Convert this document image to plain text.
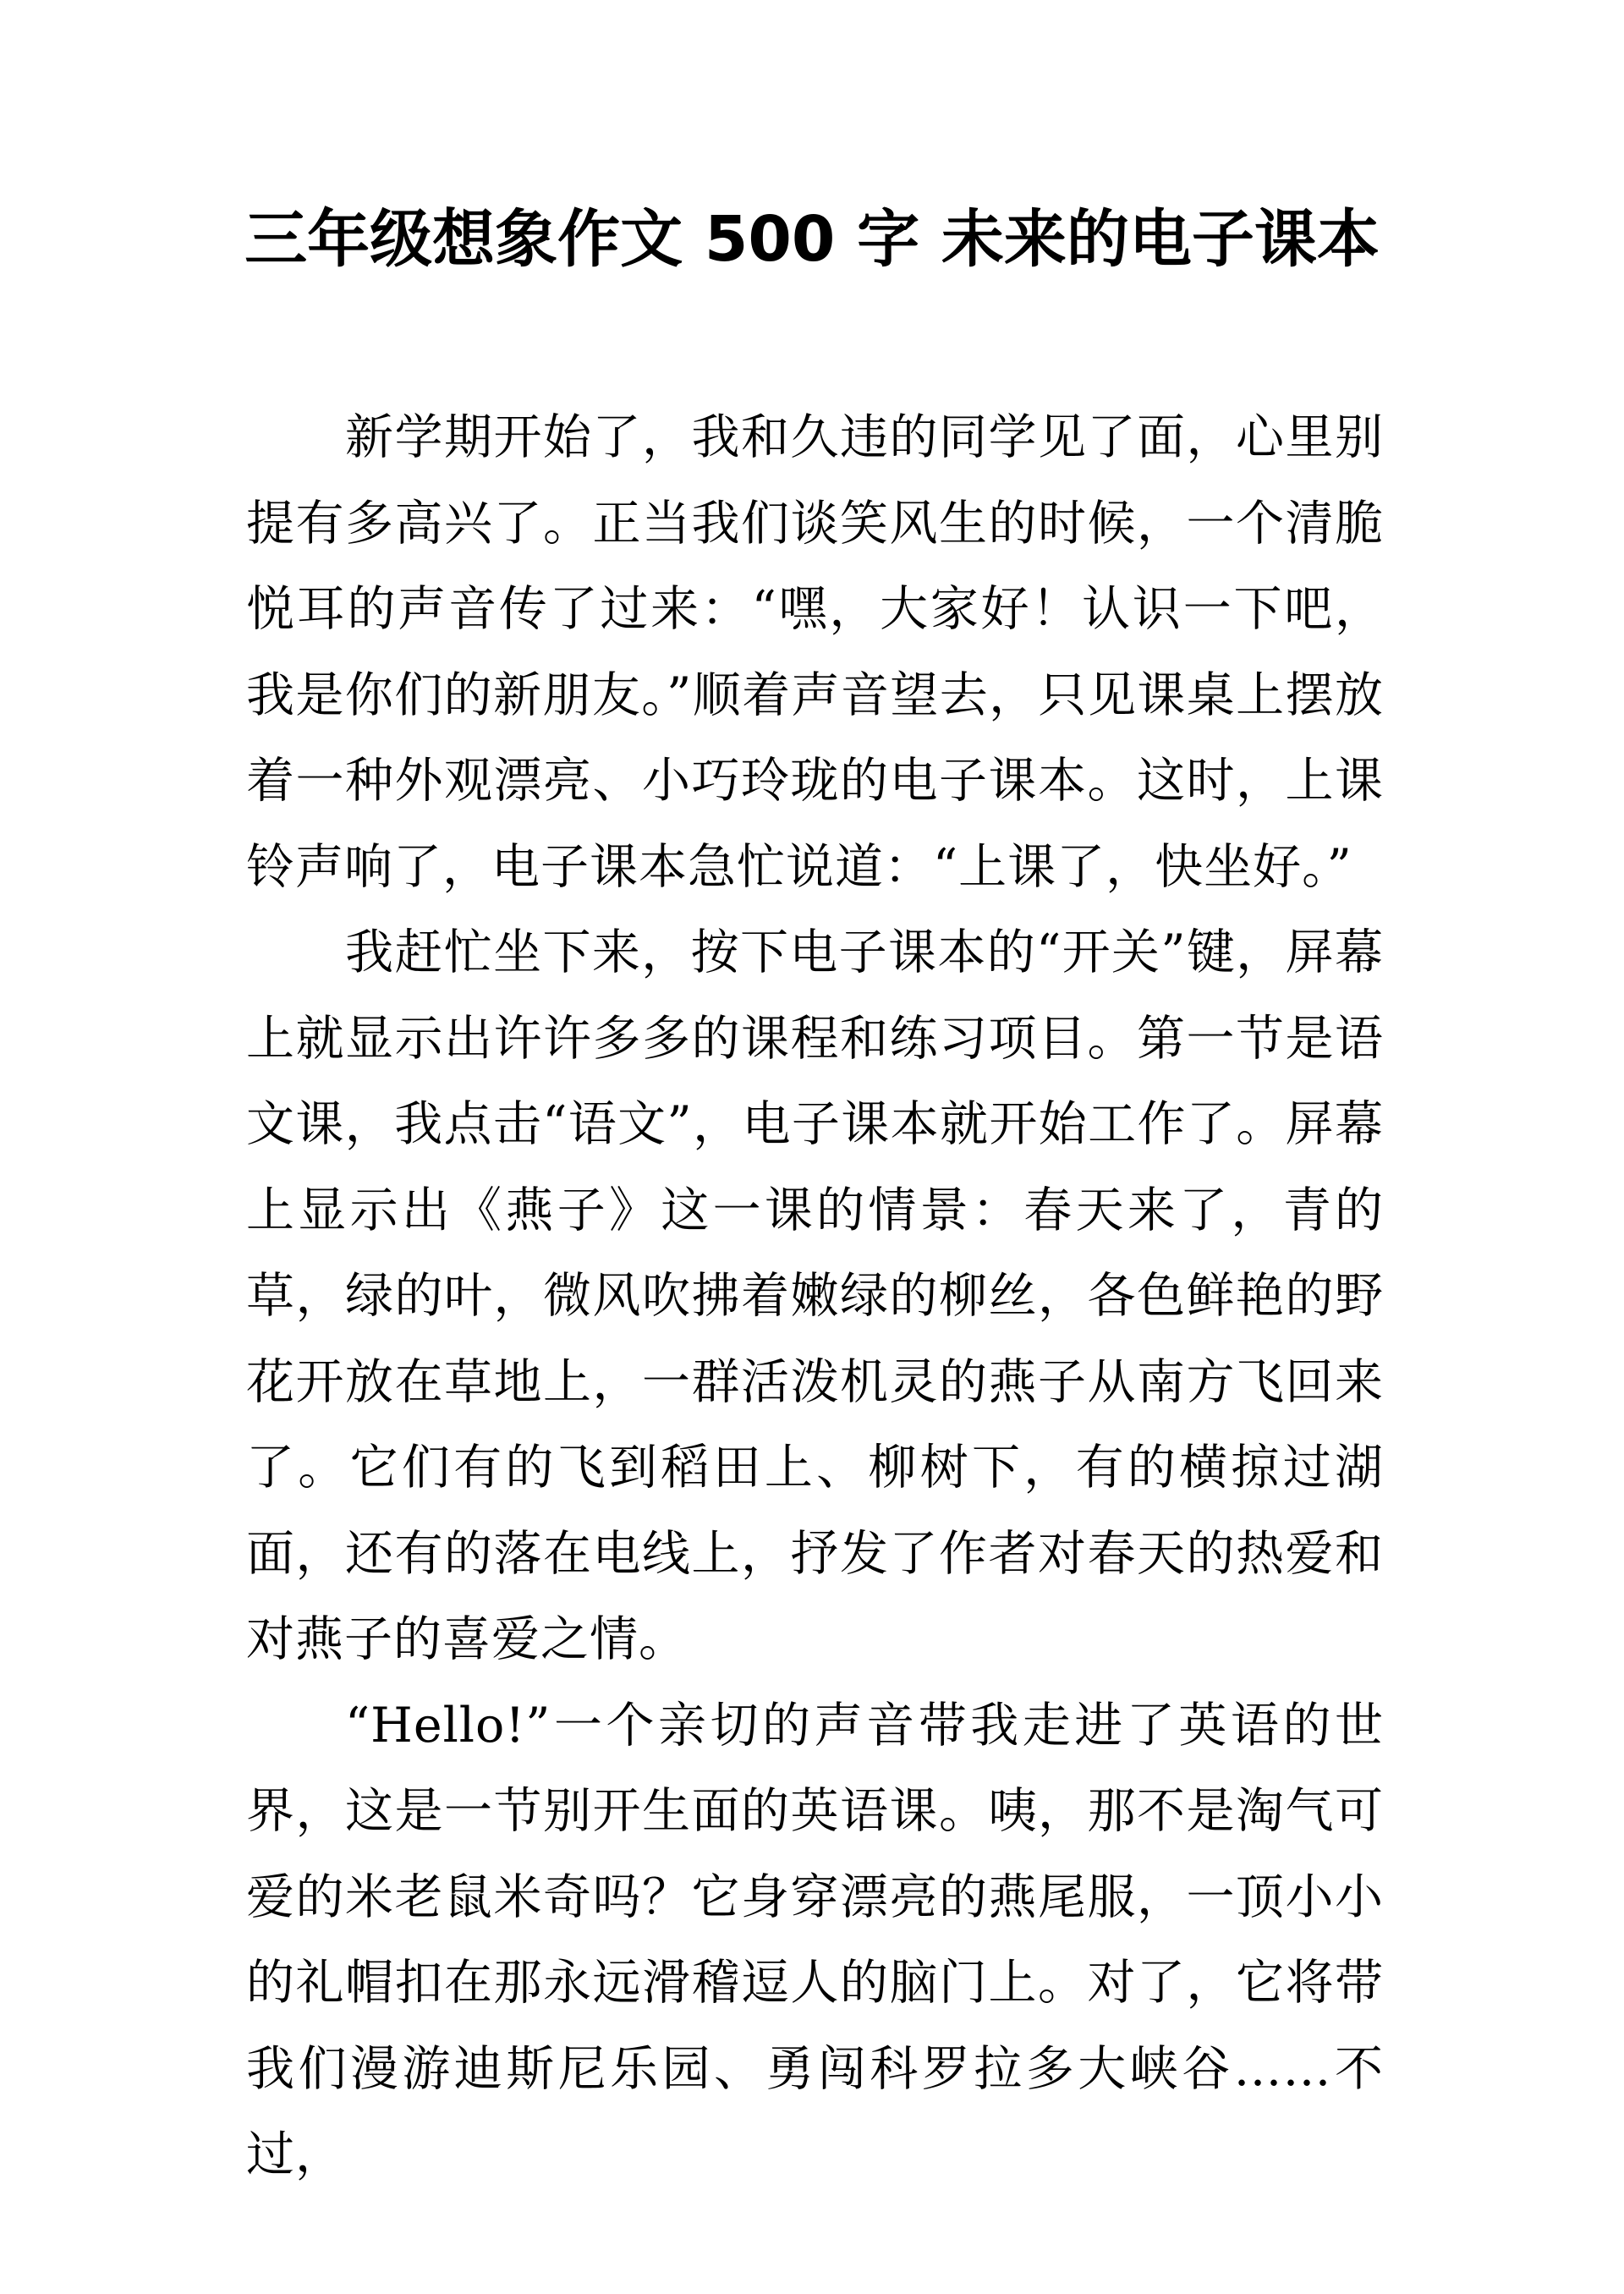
三年级想象作文 500 字 未来的电子课本

新学期开始了，我和久违的同学见了面，心里别提有多高兴了。正当我们谈笑风生的时候，一个清脆悦耳的声音传了过来：“嘿，大家好！认识一下吧，我是你们的新朋友。”顺着声音望去，只见课桌上摆放着一种外观漂亮、小巧玲珑的电子课本。这时，上课铃声响了，电子课本急忙说道：“上课了，快坐好。”

我赶忙坐下来，按下电子课本的“开关”键，屏幕上就显示出许许多多的课程和练习项目。第一节是语文课，我点击“语文”，电子课本就开始工作了。屏幕上显示出《燕子》这一课的情景：春天来了，青的草，绿的叶，微风吹拂着嫩绿的柳丝，各色鲜艳的野花开放在草地上，一群活泼机灵的燕子从南方飞回来了。它们有的飞到稻田上、柳树下，有的横掠过湖面，还有的落在电线上，抒发了作者对春天的热爱和对燕子的喜爱之情。

“Hello!”一个亲切的声音带我走进了英语的世界，这是一节别开生面的英语课。咦，那不是淘气可爱的米老鼠米奇吗？它身穿漂亮的燕尾服，一顶小小的礼帽扣在那永远滑稽逗人的脑门上。对了，它将带我们漫游迪斯尼乐园、勇闯科罗拉多大峡谷……不过，
